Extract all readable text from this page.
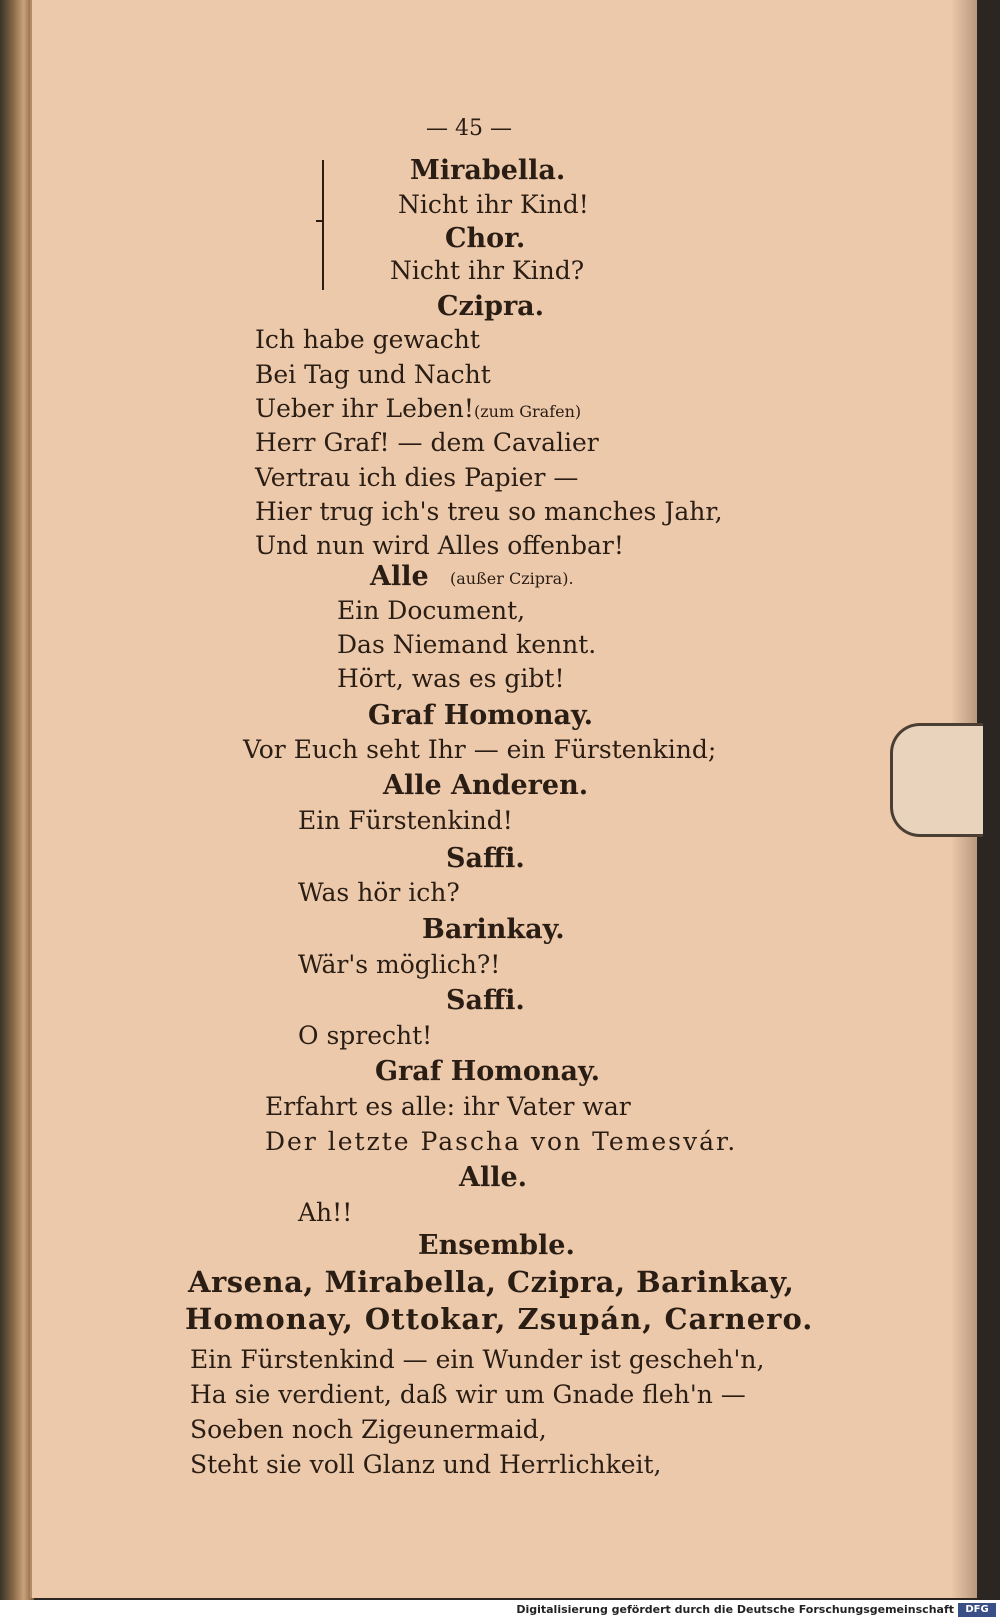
— 45 —
Mirabella.
Nicht ihr Kind!
Chor.
Nicht ihr Kind?
Czipra.
Ich habe gewacht
Bei Tag und Nacht
Ueber ihr Leben! (zum Grafen)
Herr Graf! — dem Cavalier
Vertrau ich dies Papier —
Hier trug ich's treu so manches Jahr,
Und nun wird Alles offenbar!
Alle (außer Czipra).
Ein Document,
Das Niemand kennt.
Hört, was es gibt!
Graf Homonay.
Vor Euch seht Ihr — ein Fürstenkind;
Alle Anderen.
Ein Fürstenkind!
Saffi.
Was hör ich?
Barinkay.
Wär's möglich?!
Saffi.
O sprecht!
Graf Homonay.
Erfahrt es alle: ihr Vater war
Der letzte Pascha von Temesvár.
Alle.
Ah!!
Ensemble.
Arsena, Mirabella, Czipra, Barinkay,
Homonay, Ottokar, Zsupán, Carnero.
Ein Fürstenkind — ein Wunder ist gescheh'n,
Ha sie verdient, daß wir um Gnade fleh'n —
Soeben noch Zigeunermaid,
Steht sie voll Glanz und Herrlichkeit,
Digitalisierung gefördert durch die Deutsche Forschungsgemeinschaft	DFG
